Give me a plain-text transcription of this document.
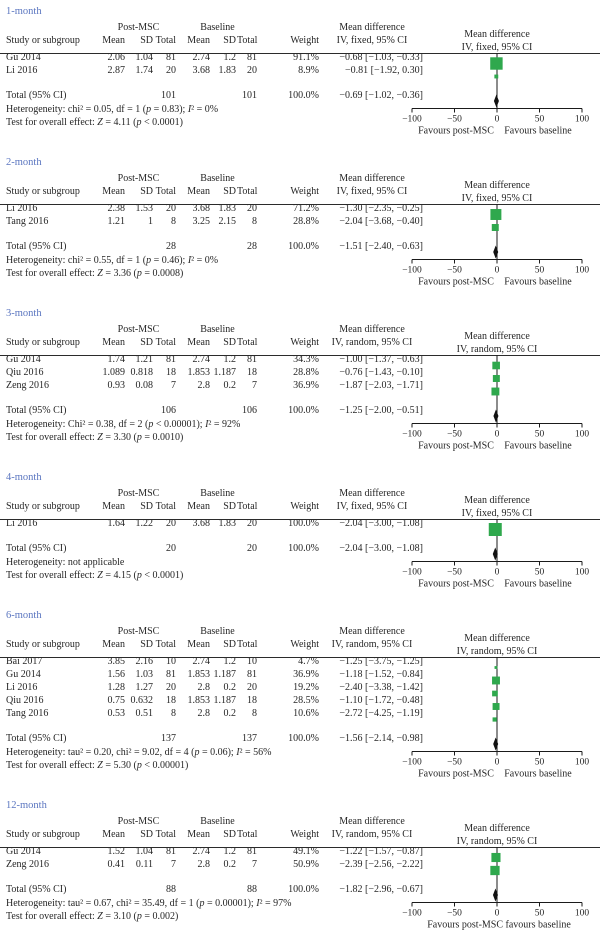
1-month
Post-MSC	Baseline	Mean difference
Study or subgroup	Mean	SD Total	Mean	SD Total	Weight	IV, fixed, 95% CI
Gu 2014	2.06	1.04	81	2.74	1.2	81	91.1%	−0.68 [−1.03, −0.33]
Li 2016	2.87	1.74	20	3.68 1.83	20	8.9%	−0.81 [−1.92, 0.30]
Total (95% CI)	101	101	100.0%	−0.69 [−1.02, −0.36]
Heterogeneity: chi² = 0.05, df = 1 (p = 0.83); I² = 0%
Test for overall effect: Z = 4.11 (p < 0.0001)
Mean difference
IV, fixed, 95% CI
−100	−50	0	50	100
Favours post-MSC Favours baseline
2-month
Post-MSC	Baseline	Mean difference
Study or subgroup	Mean	SD Total	Mean	SD Total	Weight	IV, fixed, 95% CI
Li 2016	2.38	1.53	20	3.68 1.83	20	71.2%	−1.30 [−2.35, −0.25]
Tang 2016	1.21	1	8	3.25 2.15	8	28.8%	−2.04 [−3.68, −0.40]
Total (95% CI)	28	28	100.0%	−1.51 [−2.40, −0.63]
Heterogeneity: chi² = 0.55, df = 1 (p = 0.46); I² = 0%
Test for overall effect: Z = 3.36 (p = 0.0008)
Mean difference
IV, fixed, 95% CI
−100	−50	0	50	100
Favours post-MSC Favours baseline
3-month
Post-MSC	Baseline	Mean difference
Study or subgroup	Mean	SD Total	Mean	SD Total	Weight	IV, random, 95% CI
Gu 2014	1.74	1.21	81	2.74	1.2	81	34.3%	−1.00 [−1.37, −0.63]
Qiu 2016	1.089 0.818	18	1.853 1.187	18	28.8%	−0.76 [−1.43, −0.10]
Zeng 2016	0.93	0.08	7	2.8	0.2	7	36.9%	−1.87 [−2.03, −1.71]
Total (95% CI)	106	106	100.0%	−1.25 [−2.00, −0.51]
Heterogeneity: Chi² = 0.38, df = 2 (p < 0.00001); I² = 92%
Test for overall effect: Z = 3.30 (p = 0.0010)
Mean difference
IV, random, 95% CI
−100	−50	0	50	100
Favours post-MSC Favours baseline
4-month
Post-MSC	Baseline	Mean difference
Study or subgroup	Mean	SD Total	Mean	SD Total	Weight	IV, fixed, 95% CI
Li 2016	1.64	1.22	20	3.68 1.83	20	100.0%	−2.04 [−3.00, −1.08]
Total (95% CI)	20	20	100.0%	−2.04 [−3.00, −1.08]
Heterogeneity: not applicable
Test for overall effect: Z = 4.15 (p < 0.0001)
Mean difference
IV, fixed, 95% CI
−100	−50	0	50	100
Favours post-MSC Favours baseline
6-month
Post-MSC	Baseline	Mean difference
Study or subgroup	Mean	SD Total	Mean	SD Total	Weight	IV, random, 95% CI
Bai 2017	3.85	2.16	10	2.74	1.2	10	4.7%	−1.25 [−3.75, −1.25]
Gu 2014	1.56	1.03	81	1.853 1.187	81	36.9%	−1.18 [−1.52, −0.84]
Li 2016	1.28	1.27	20	2.8	0.2	20	19.2%	−2.40 [−3.38, −1.42]
Qiu 2016	0.75 0.632	18	1.853 1.187	18	28.5%	−1.10 [−1.72, −0.48]
Tang 2016	0.53	0.51	8	2.8	0.2	8	10.6%	−2.72 [−4.25, −1.19]
Total (95% CI)	137	137	100.0%	−1.56 [−2.14, −0.98]
Heterogeneity: tau² = 0.20, chi² = 9.02, df = 4 (p = 0.06); I² = 56%
Test for overall effect: Z = 5.30 (p < 0.00001)
Mean difference
IV, random, 95% CI
−100	−50	0	50	100
Favours post-MSC Favours baseline
12-month
Post-MSC	Baseline	Mean difference
Study or subgroup	Mean	SD Total	Mean	SD Total	Weight	IV, random, 95% CI
Gu 2014	1.52	1.04	81	2.74	1.2	81	49.1%	−1.22 [−1.57, −0.87]
Zeng 2016	0.41	0.11	7	2.8	0.2	7	50.9%	−2.39 [−2.56, −2.22]
Total (95% CI)	88	88	100.0%	−1.82 [−2.96, −0.67]
Heterogeneity: tau² = 0.67, chi² = 35.49, df = 1 (p = 0.00001); I² = 97%
Test for overall effect: Z = 3.10 (p = 0.002)
Mean difference
IV, random, 95% CI
−100	−50	0	50	100
Favours post-MSC favours baseline
